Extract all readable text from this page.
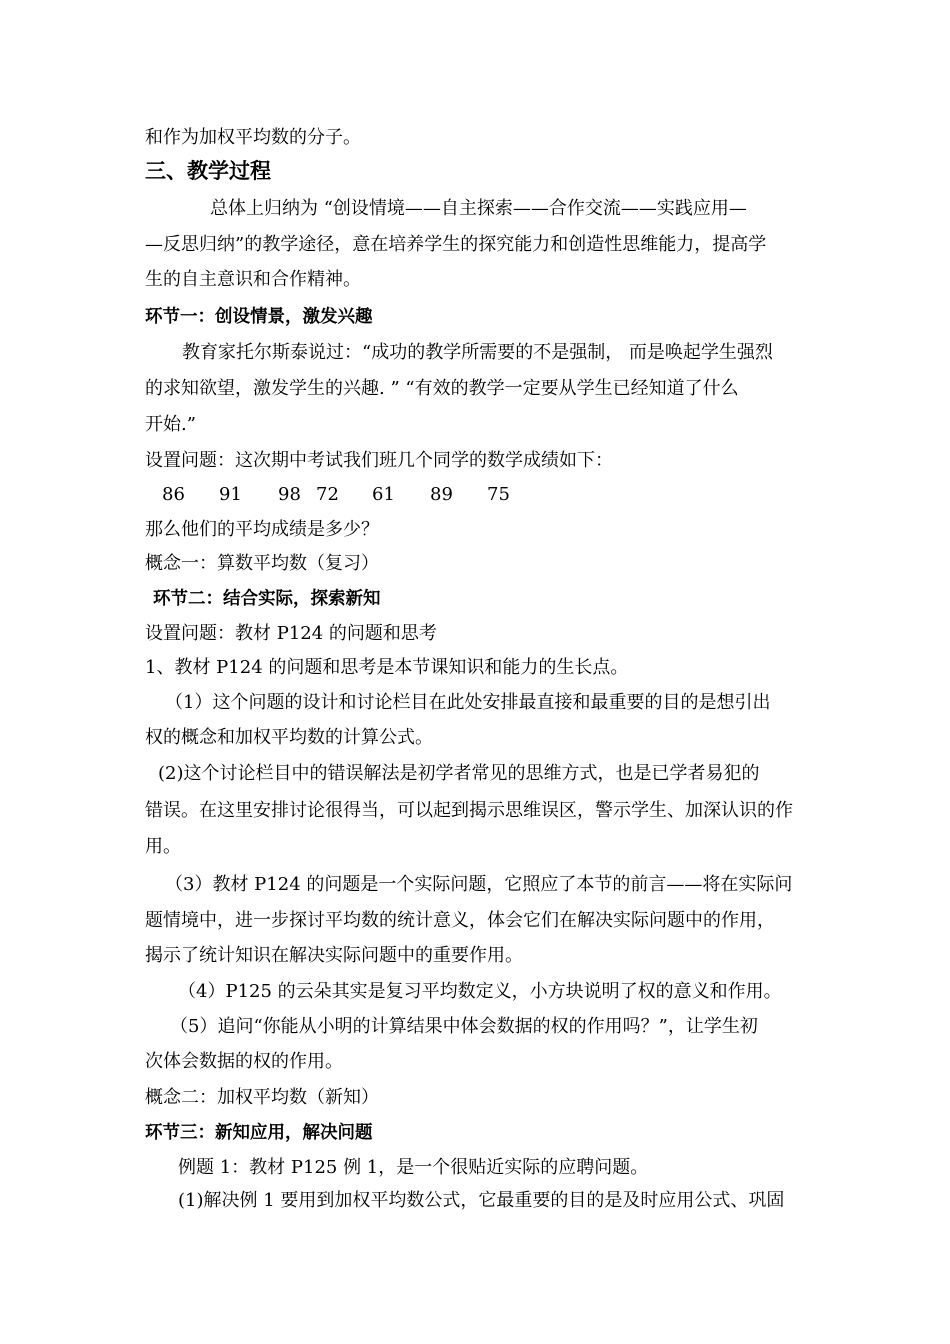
和作为加权平均数的分子。
三、教学过程
总体上归纳为 “创设情境——自主探索——合作交流——实践应用—
—反思归纳”的教学途径，意在培养学生的探究能力和创造性思维能力，提高学
生的自主意识和合作精神。
环节一：创设情景，激发兴趣
教育家托尔斯泰说过：“成功的教学所需要的不是强制， 而是唤起学生强烈
的求知欲望，激发学生的兴趣. ” “有效的教学一定要从学生已经知道了什么
开始.”
设置问题：这次期中考试我们班几个同学的数学成绩如下：
86 91 98 72 61 89 75
那么他们的平均成绩是多少？
概念一：算数平均数（复习）
环节二：结合实际，探索新知
设置问题：教材 P124 的问题和思考
1、教材 P124 的问题和思考是本节课知识和能力的生长点。
（1）这个问题的设计和讨论栏目在此处安排最直接和最重要的目的是想引出
权的概念和加权平均数的计算公式。
(2)这个讨论栏目中的错误解法是初学者常见的思维方式，也是已学者易犯的
错误。在这里安排讨论很得当，可以起到揭示思维误区，警示学生、加深认识的作
用。
（3）教材 P124 的问题是一个实际问题，它照应了本节的前言——将在实际问
题情境中，进一步探讨平均数的统计意义，体会它们在解决实际问题中的作用，
揭示了统计知识在解决实际问题中的重要作用。
（4）P125 的云朵其实是复习平均数定义，小方块说明了权的意义和作用。
（5）追问“你能从小明的计算结果中体会数据的权的作用吗？”，让学生初
次体会数据的权的作用。
概念二：加权平均数（新知）
环节三：新知应用，解决问题
例题 1：教材 P125 例 1，是一个很贴近实际的应聘问题。
(1)解决例 1 要用到加权平均数公式，它最重要的目的是及时应用公式、巩固
